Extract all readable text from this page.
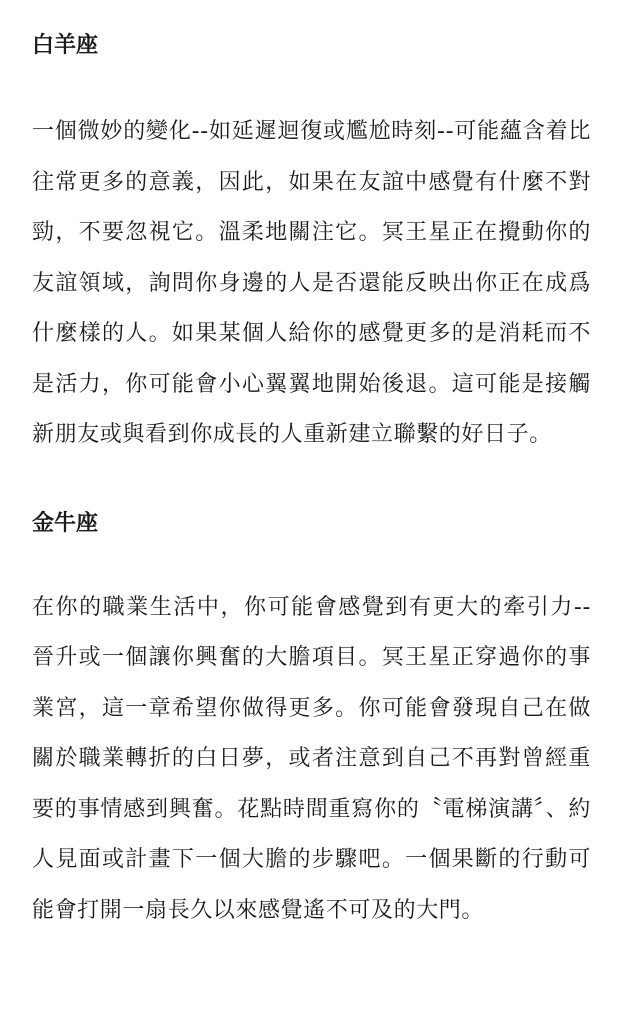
白羊座

一個微妙的變化--如延遲迴復或尷尬時刻--可能蘊含着比往常更多的意義，因此，如果在友誼中感覺有什麼不對勁，不要忽視它。溫柔地關注它。冥王星正在攪動你的友誼領域，詢問你身邊的人是否還能反映出你正在成爲什麼樣的人。如果某個人給你的感覺更多的是消耗而不是活力，你可能會小心翼翼地開始後退。這可能是接觸新朋友或與看到你成長的人重新建立聯繫的好日子。

金牛座

在你的職業生活中，你可能會感覺到有更大的牽引力--晉升或一個讓你興奮的大膽項目。冥王星正穿過你的事業宮，這一章希望你做得更多。你可能會發現自己在做關於職業轉折的白日夢，或者注意到自己不再對曾經重要的事情感到興奮。花點時間重寫你的〝電梯演講〞、約人見面或計畫下一個大膽的步驟吧。一個果斷的行動可能會打開一扇長久以來感覺遙不可及的大門。
